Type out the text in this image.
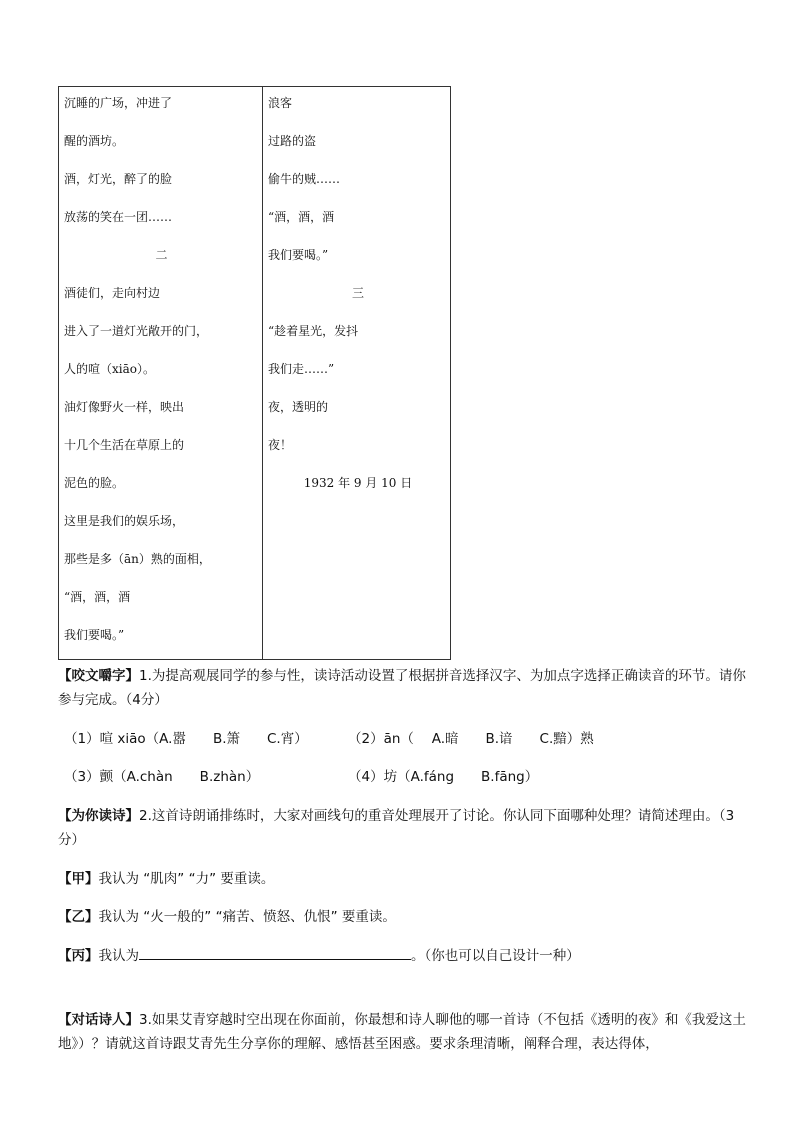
沉睡的广场，冲进了
醒的酒坊。
酒，灯光，醉了的脸
放荡的笑在一团……
二
酒徒们，走向村边
进入了一道灯光敞开的门，
人的喧（xiāo）。
油灯像野火一样，映出
十几个生活在草原上的
泥色的脸。
这里是我们的娱乐场，
那些是多（ān）熟的面相，
“酒，酒，酒
我们要喝。”
浪客
过路的盗
偷牛的贼……
“酒，酒，酒
我们要喝。”
三
“趁着星光，发抖
我们走……”
夜，透明的
夜！
1932 年 9 月 10 日
【咬文嚼字】1.为提高观展同学的参与性，读诗活动设置了根据拼音选择汉字、为加点字选择正确读音的环节。请你参与完成。（4分）
（1）喧 xiāo（A.嚣　　B.箫　　C.宵）	（2）ān（　 A.暗　　B.谙　　C.黯）熟
（3）颤（A.chàn　　B.zhàn）	（4）坊（A.fáng　　B.fāng）
【为你读诗】2.这首诗朗诵排练时，大家对画线句的重音处理展开了讨论。你认同下面哪种处理？请简述理由。（3分）
【甲】我认为 “肌肉” “力” 要重读。
【乙】我认为 “火一般的” “痛苦、愤怒、仇恨” 要重读。
【丙】我认为	。（你也可以自己设计一种）
【对话诗人】3.如果艾青穿越时空出现在你面前，你最想和诗人聊他的哪一首诗（不包括《透明的夜》和《我爱这土地》）？请就这首诗跟艾青先生分享你的理解、感悟甚至困惑。要求条理清晰，阐释合理，表达得体，
